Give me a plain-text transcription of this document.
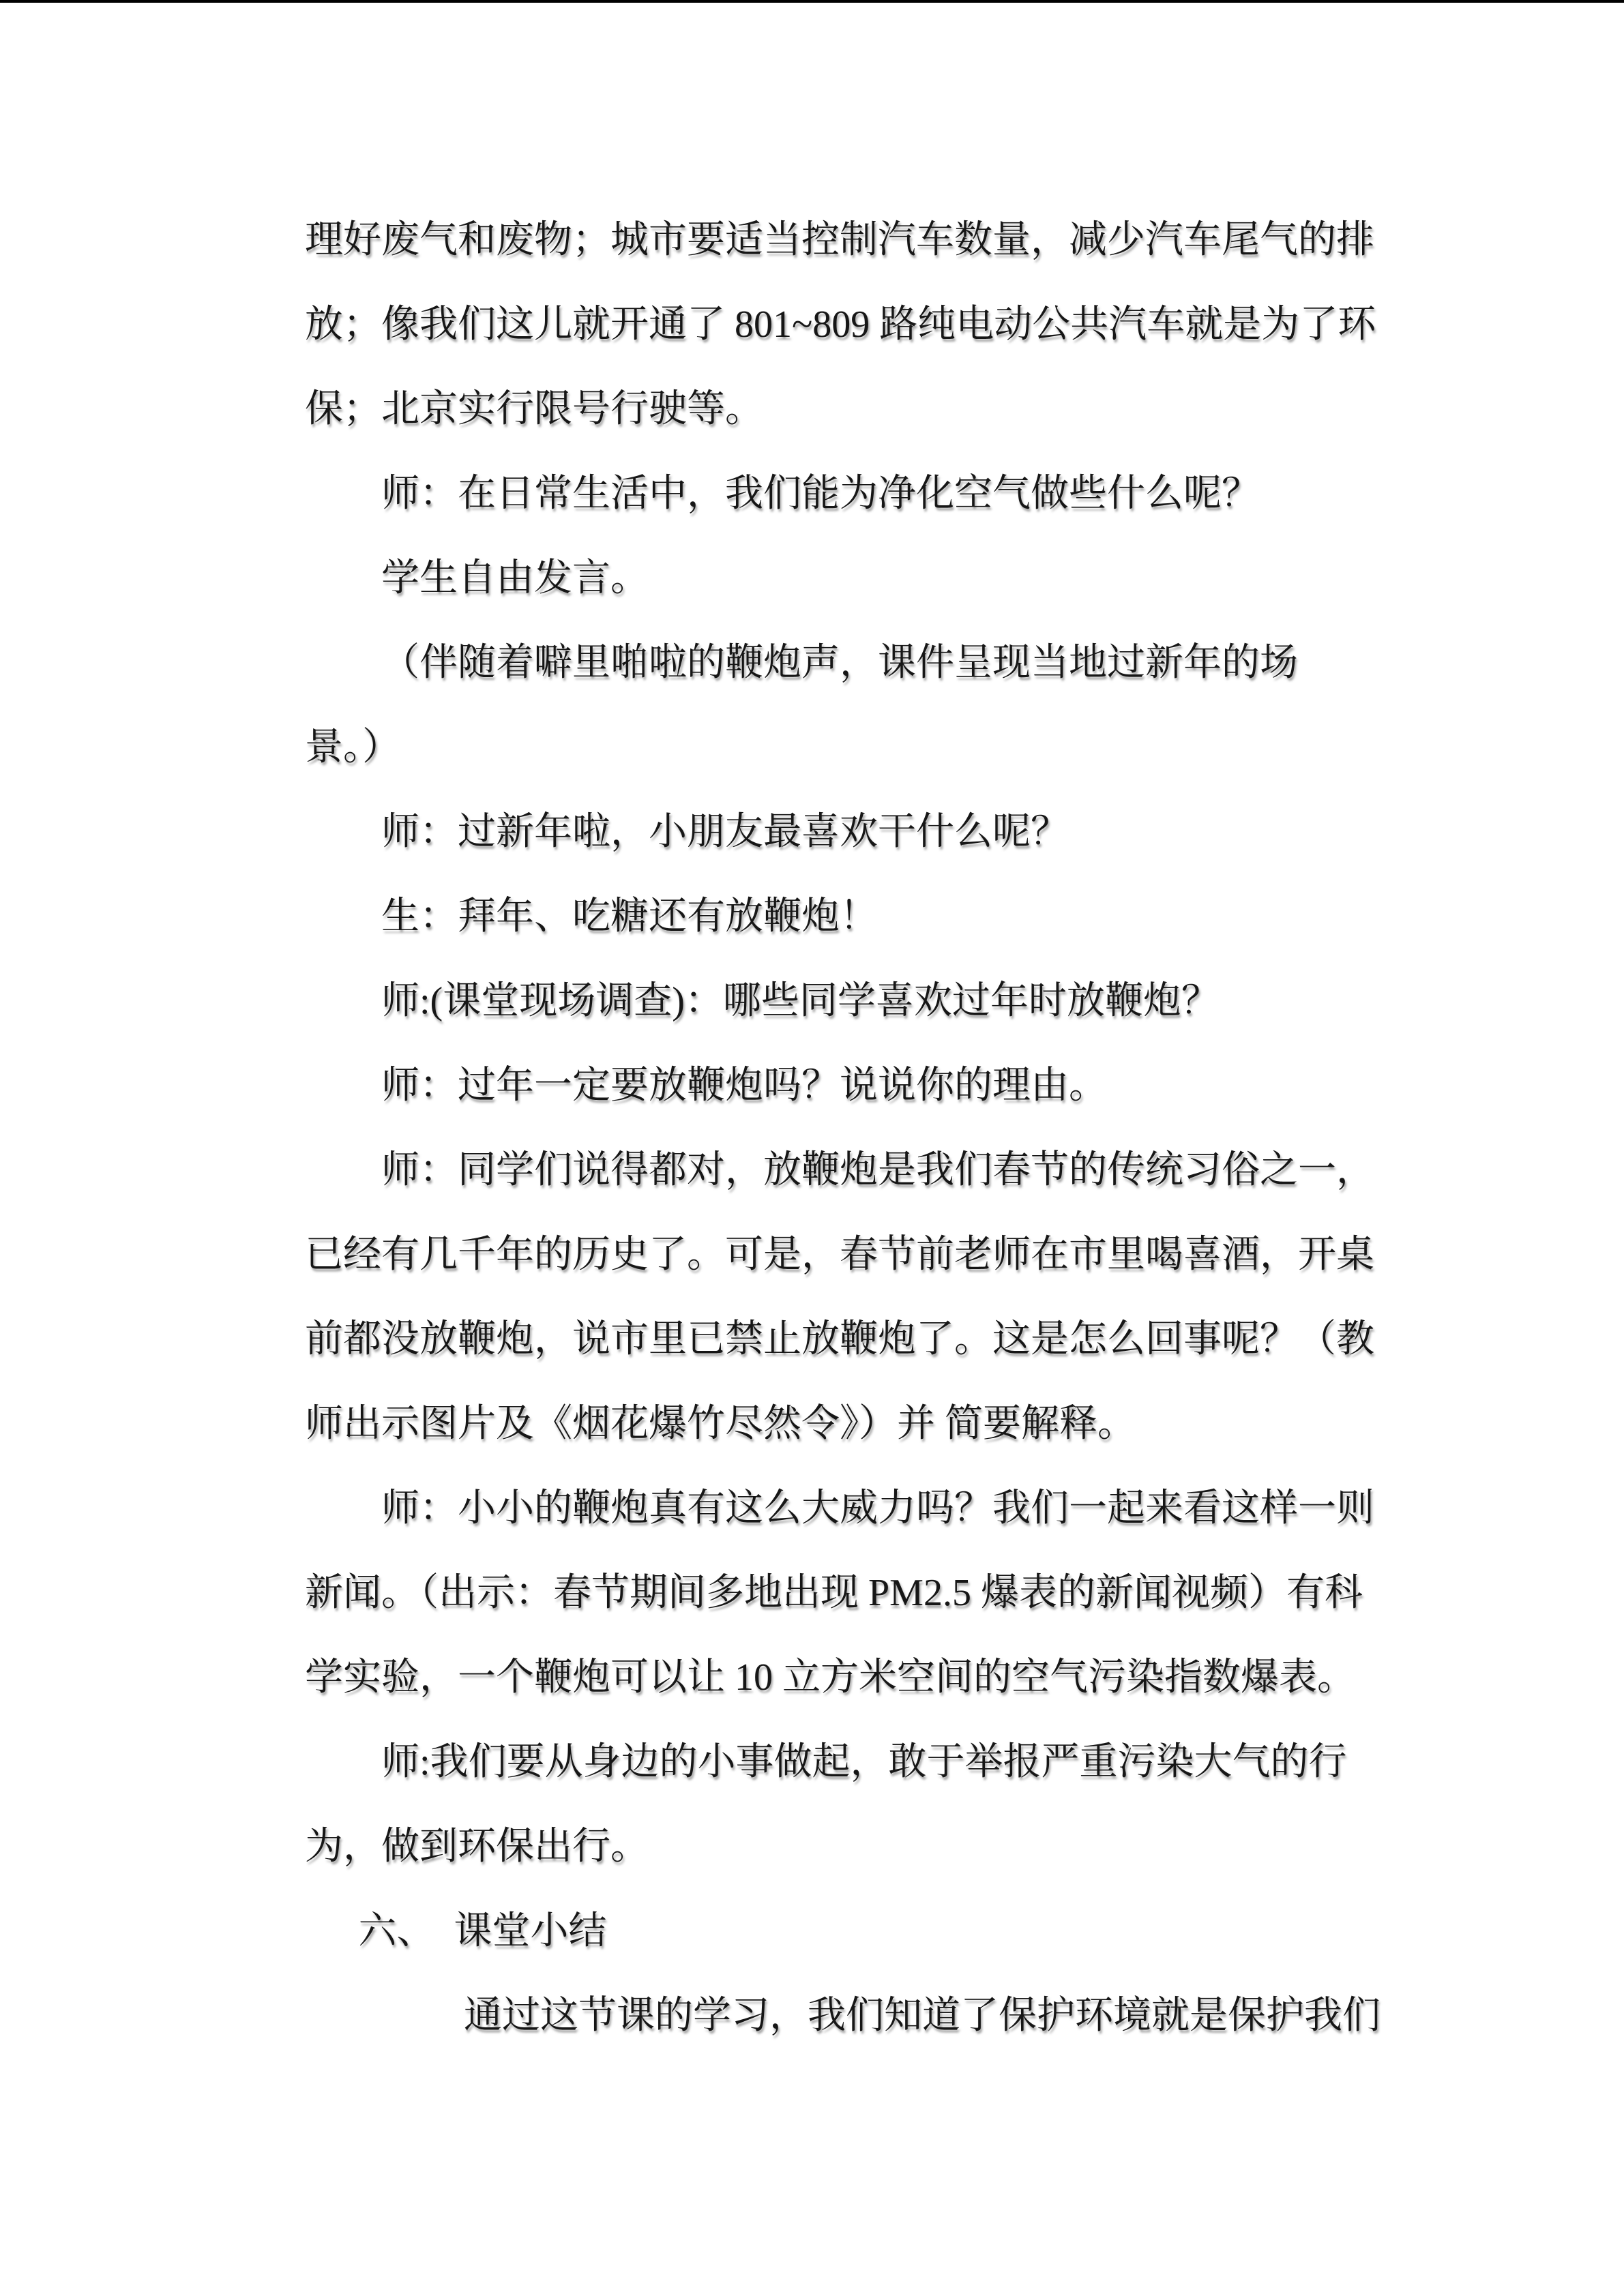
理好废气和废物；城市要适当控制汽车数量，减少汽车尾气的排
放；像我们这儿就开通了 801~809 路纯电动公共汽车就是为了环
保；北京实行限号行驶等。
师：在日常生活中，我们能为净化空气做些什么呢？
学生自由发言。
（伴随着噼里啪啦的鞭炮声，课件呈现当地过新年的场
景。）
师：过新年啦，小朋友最喜欢干什么呢？
生：拜年、吃糖还有放鞭炮！
师:(课堂现场调查)：哪些同学喜欢过年时放鞭炮？
师：过年一定要放鞭炮吗？说说你的理由。
师：同学们说得都对，放鞭炮是我们春节的传统习俗之一，
已经有几千年的历史了。可是，春节前老师在市里喝喜酒，开桌
前都没放鞭炮，说市里已禁止放鞭炮了。这是怎么回事呢？（教
师出示图片及《烟花爆竹尽然令》）并 简要解释。
师：小小的鞭炮真有这么大威力吗？我们一起来看这样一则
新闻。（出示：春节期间多地出现 PM2.5 爆表的新闻视频）有科
学实验，一个鞭炮可以让 10 立方米空间的空气污染指数爆表。
师:我们要从身边的小事做起，敢于举报严重污染大气的行
为，做到环保出行。
六、　课堂小结
通过这节课的学习，我们知道了保护环境就是保护我们
